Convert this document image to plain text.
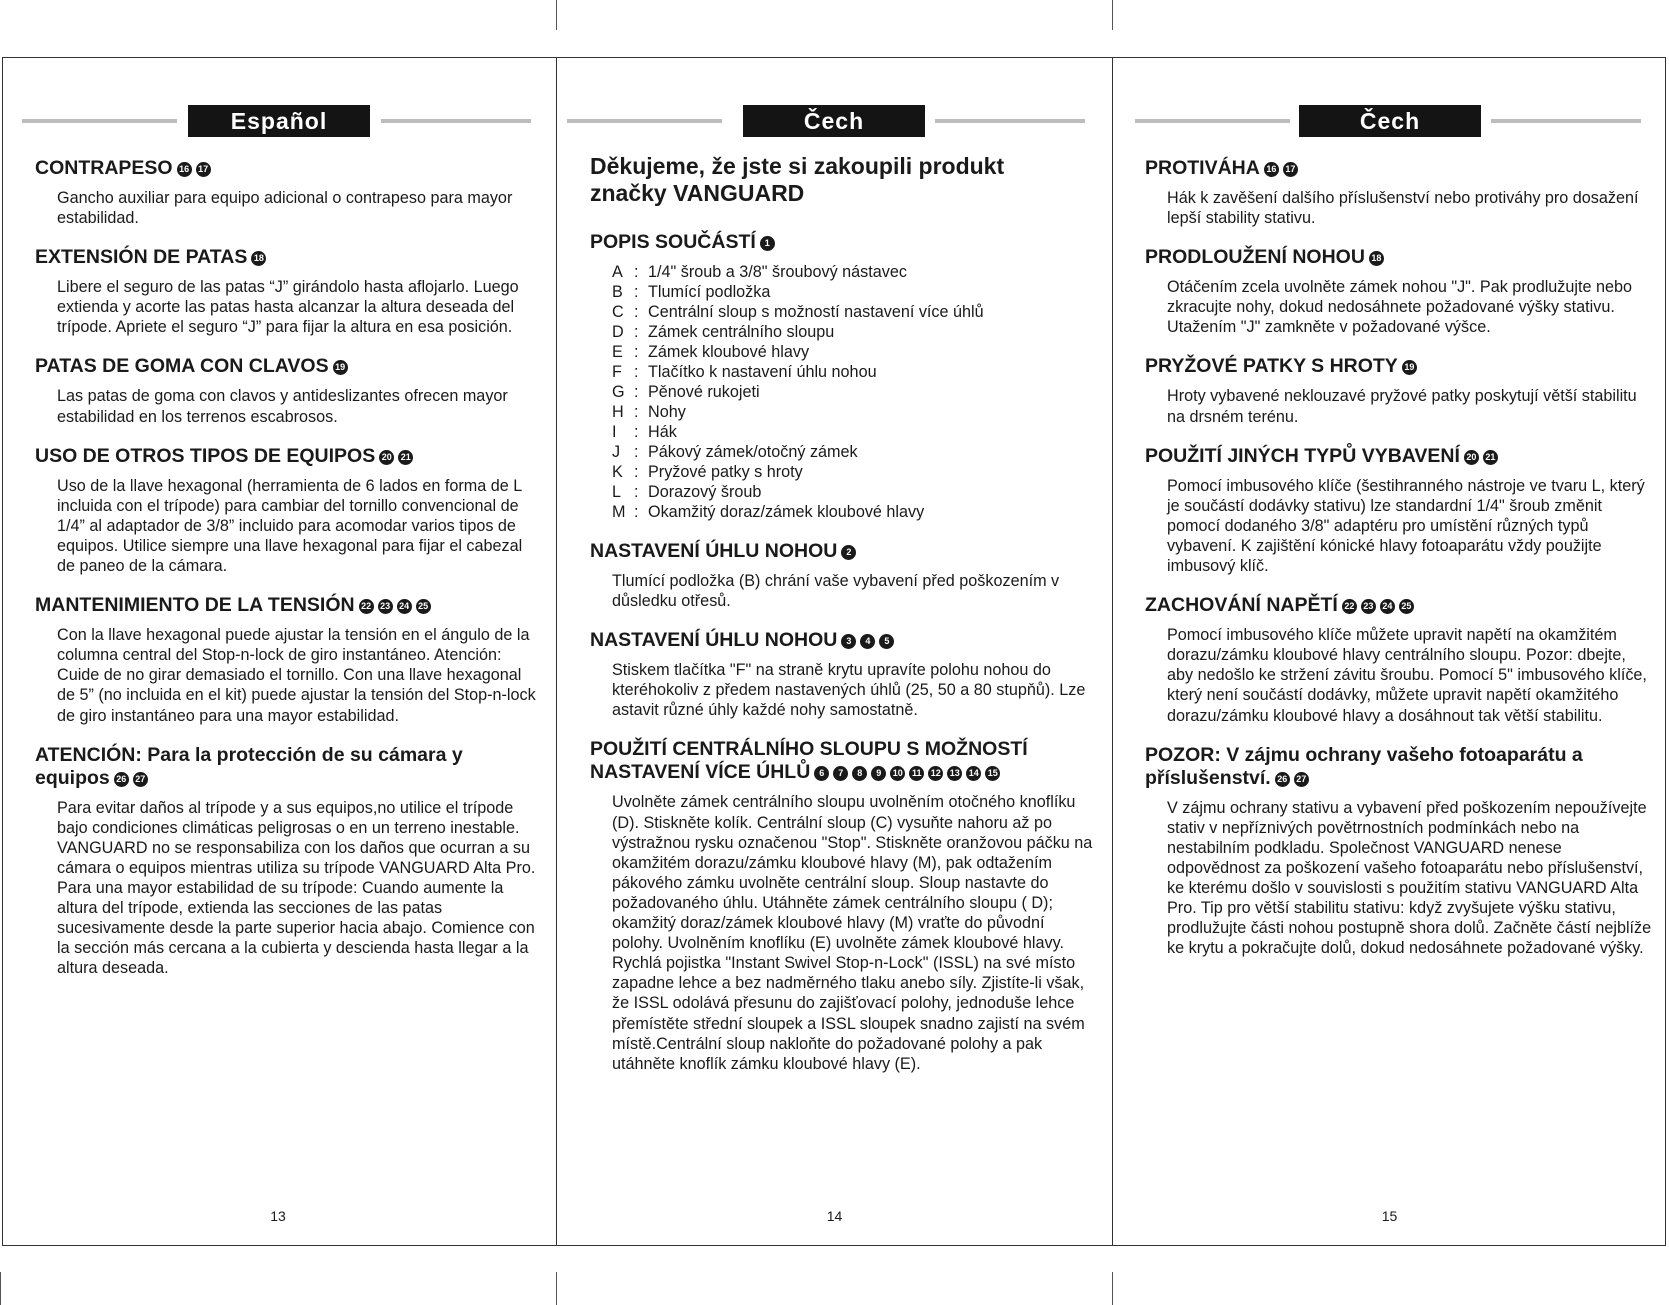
Español
CONTRAPESO 16 17

Gancho auxiliar para equipo adicional o contrapeso para mayor estabilidad.

EXTENSIÓN DE PATAS 18

Libere el seguro de las patas “J” girándolo hasta aflojarlo. Luego extienda y acorte las patas hasta alcanzar la altura deseada del trípode. Apriete el seguro “J” para fijar la altura en esa posición.

PATAS DE GOMA CON CLAVOS 19

Las patas de goma con clavos y antideslizantes ofrecen mayor estabilidad en los terrenos escabrosos.

USO DE OTROS TIPOS DE EQUIPOS 20 21

Uso de la llave hexagonal (herramienta de 6 lados en forma de L incluida con el trípode) para cambiar del tornillo convencional de 1/4” al adaptador de 3/8” incluido para acomodar varios tipos de equipos. Utilice siempre una llave hexagonal para fijar el cabezal de paneo de la cámara.

MANTENIMIENTO DE LA TENSIÓN 22 23 24 25

Con la llave hexagonal puede ajustar la tensión en el ángulo de la columna central del Stop-n-lock de giro instantáneo. Atención: Cuide de no girar demasiado el tornillo. Con una llave hexagonal de 5” (no incluida en el kit) puede ajustar la tensión del Stop-n-lock de giro instantáneo para una mayor estabilidad.

ATENCIÓN: Para la protección de su cámara y equipos 26 27

Para evitar daños al trípode y a sus equipos,no utilice el trípode bajo condiciones climáticas peligrosas o en un terreno inestable. VANGUARD no se responsabiliza con los daños que ocurran a su cámara o equipos mientras utiliza su trípode VANGUARD Alta Pro. Para una mayor estabilidad de su trípode: Cuando aumente la altura del trípode, extienda las secciones de las patas sucesivamente desde la parte superior hacia abajo. Comience con la sección más cercana a la cubierta y descienda hasta llegar a la altura deseada.

13
Čech
Děkujeme, že jste si zakoupili produkt značky VANGUARD
POPIS SOUČÁSTÍ 1
A : 1/4" šroub a 3/8" šroubový nástavec
B : Tlumící podložka
C : Centrální sloup s možností nastavení více úhlů
D : Zámek centrálního sloupu
E : Zámek kloubové hlavy
F : Tlačítko k nastavení úhlu nohou
G : Pěnové rukojeti
H : Nohy
I	: Hák
J : Pákový zámek/otočný zámek
K : Pryžové patky s hroty
L : Dorazový šroub
M : Okamžitý doraz/zámek kloubové hlavy
NASTAVENÍ ÚHLU NOHOU 2

Tlumící podložka (B) chrání vaše vybavení před poškozením v důsledku otřesů.

NASTAVENÍ ÚHLU NOHOU 3 4 5

Stiskem tlačítka "F" na straně krytu upravíte polohu nohou do kteréhokoliv z předem nastavených úhlů (25, 50 a 80 stupňů). Lze astavit různé úhly každé nohy samostatně.

POUŽITÍ CENTRÁLNÍHO SLOUPU S MOŽNOSTÍ NASTAVENÍ VÍCE ÚHLŮ 6 7 8 9 10 11 12 13 14 15

Uvolněte zámek centrálního sloupu uvolněním otočného knoflíku (D). Stiskněte kolík. Centrální sloup (C) vysuňte nahoru až po výstražnou rysku označenou "Stop". Stiskněte oranžovou páčku na okamžitém dorazu/zámku kloubové hlavy (M), pak odtažením pákového zámku uvolněte centrální sloup. Sloup nastavte do požadovaného úhlu. Utáhněte zámek centrálního sloupu ( D); okamžitý doraz/zámek kloubové hlavy (M) vraťte do původní polohy. Uvolněním knoflíku (E) uvolněte zámek kloubové hlavy. Rychlá pojistka "Instant Swivel Stop-n-Lock" (ISSL) na své místo zapadne lehce a bez nadměrného tlaku anebo síly. Zjistíte-li však, že ISSL odolává přesunu do zajišťovací polohy, jednoduše lehce přemístěte střední sloupek a ISSL sloupek snadno zajistí na svém místě.Centrální sloup nakloňte do požadované polohy a pak utáhněte knoflík zámku kloubové hlavy (E).

14
Čech
PROTIVÁHA 16 17

Hák k zavěšení dalšího příslušenství nebo protiváhy pro dosažení lepší stability stativu.

PRODLOUŽENÍ NOHOU 18

Otáčením zcela uvolněte zámek nohou "J". Pak prodlužujte nebo zkracujte nohy, dokud nedosáhnete požadované výšky stativu. Utažením "J" zamkněte v požadované výšce.

PRYŽOVÉ PATKY S HROTY 19

Hroty vybavené neklouzavé pryžové patky poskytují větší stabilitu na drsném terénu.

POUŽITÍ JINÝCH TYPŮ VYBAVENÍ 20 21

Pomocí imbusového klíče (šestihranného nástroje ve tvaru L, který je součástí dodávky stativu) lze standardní 1/4" šroub změnit pomocí dodaného 3/8" adaptéru pro umístění různých typů vybavení. K zajištění kónické hlavy fotoaparátu vždy použijte imbusový klíč.

ZACHOVÁNÍ NAPĚTÍ 22 23 24 25

Pomocí imbusového klíče můžete upravit napětí na okamžitém dorazu/zámku kloubové hlavy centrálního sloupu. Pozor: dbejte, aby nedošlo ke stržení závitu šroubu. Pomocí 5" imbusového klíče, který není součástí dodávky, můžete upravit napětí okamžitého dorazu/zámku kloubové hlavy a dosáhnout tak větší stabilitu.

POZOR: V zájmu ochrany vašeho fotoaparátu a příslušenství. 26 27

V zájmu ochrany stativu a vybavení před poškozením nepoužívejte stativ v nepříznivých povětrnostních podmínkách nebo na nestabilním podkladu. Společnost VANGUARD nenese odpovědnost za poškození vašeho fotoaparátu nebo příslušenství, ke kterému došlo v souvislosti s použitím stativu VANGUARD Alta Pro. Tip pro větší stabilitu stativu: když zvyšujete výšku stativu, prodlužujte části nohou postupně shora dolů. Začněte částí nejblíže ke krytu a pokračujte dolů, dokud nedosáhnete požadované výšky.

15
